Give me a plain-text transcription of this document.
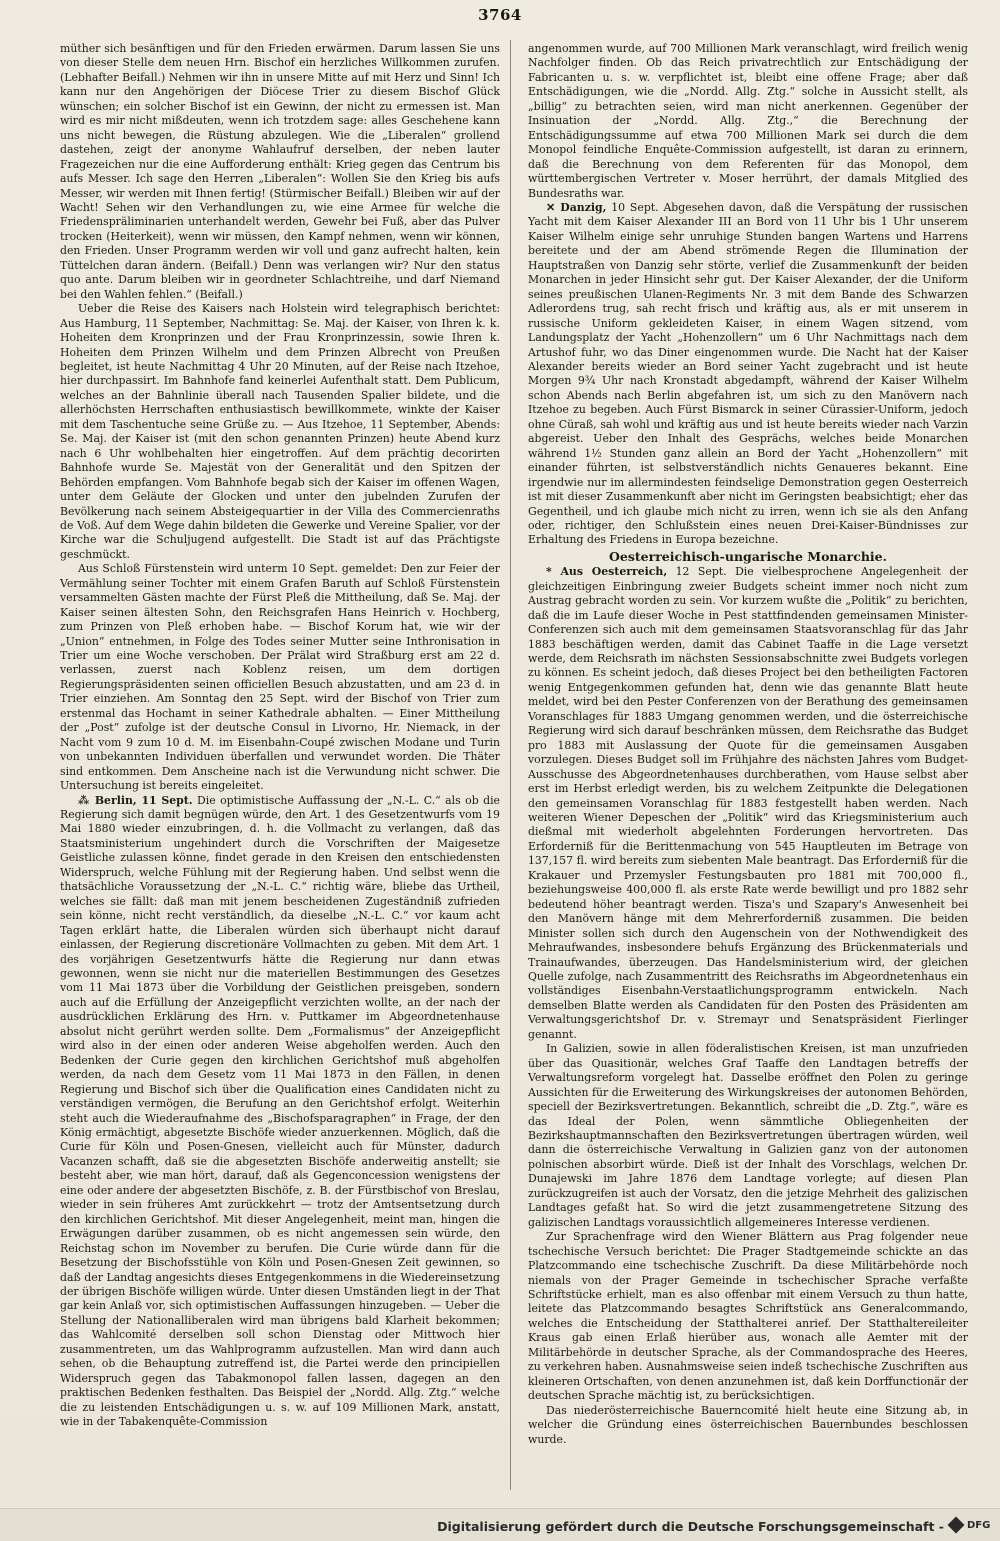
3764

müther sich besänftigen und für den Frieden erwärmen. Darum lassen Sie uns von dieser Stelle dem neuen Hrn. Bischof ein herzliches Willkommen zurufen. (Lebhafter Beifall.) Nehmen wir ihn in unsere Mitte auf mit Herz und Sinn! Ich kann nur den Angehörigen der Diöcese Trier zu diesem Bischof Glück wünschen; ein solcher Bischof ist ein Gewinn, der nicht zu ermessen ist. Man wird es mir nicht mißdeuten, wenn ich trotzdem sage: alles Geschehene kann uns nicht bewegen, die Rüstung abzulegen. Wie die „Liberalen“ grollend dastehen, zeigt der anonyme Wahlaufruf derselben, der neben lauter Fragezeichen nur die eine Aufforderung enthält: Krieg gegen das Centrum bis aufs Messer. Ich sage den Herren „Liberalen“: Wollen Sie den Krieg bis aufs Messer, wir werden mit Ihnen fertig! (Stürmischer Beifall.) Bleiben wir auf der Wacht! Sehen wir den Verhandlungen zu, wie eine Armee für welche die Friedenspräliminarien unterhandelt werden, Gewehr bei Fuß, aber das Pulver trocken (Heiterkeit), wenn wir müssen, den Kampf nehmen, wenn wir können, den Frieden. Unser Programm werden wir voll und ganz aufrecht halten, kein Tüttelchen daran ändern. (Beifall.) Denn was verlangen wir? Nur den status quo ante. Darum bleiben wir in geordneter Schlachtreihe, und darf Niemand bei den Wahlen fehlen.“ (Beifall.)

Ueber die Reise des Kaisers nach Holstein wird telegraphisch berichtet: Aus Hamburg, 11 September, Nachmittag: Se. Maj. der Kaiser, von Ihren k. k. Hoheiten dem Kronprinzen und der Frau Kronprinzessin, sowie Ihren k. Hoheiten dem Prinzen Wilhelm und dem Prinzen Albrecht von Preußen begleitet, ist heute Nachmittag 4 Uhr 20 Minuten, auf der Reise nach Itzehoe, hier durchpassirt. Im Bahnhofe fand keinerlei Aufenthalt statt. Dem Publicum, welches an der Bahnlinie überall nach Tausenden Spalier bildete, und die allerhöchsten Herrschaften enthusiastisch bewillkommete, winkte der Kaiser mit dem Taschentuche seine Grüße zu. — Aus Itzehoe, 11 September, Abends: Se. Maj. der Kaiser ist (mit den schon genannten Prinzen) heute Abend kurz nach 6 Uhr wohlbehalten hier eingetroffen. Auf dem prächtig decorirten Bahnhofe wurde Se. Majestät von der Generalität und den Spitzen der Behörden empfangen. Vom Bahnhofe begab sich der Kaiser im offenen Wagen, unter dem Geläute der Glocken und unter den jubelnden Zurufen der Bevölkerung nach seinem Absteigequartier in der Villa des Commercienraths de Voß. Auf dem Wege dahin bildeten die Gewerke und Vereine Spalier, vor der Kirche war die Schuljugend aufgestellt. Die Stadt ist auf das Prächtigste geschmückt.

Aus Schloß Fürstenstein wird unterm 10 Sept. gemeldet: Den zur Feier der Vermählung seiner Tochter mit einem Grafen Baruth auf Schloß Fürstenstein versammelten Gästen machte der Fürst Pleß die Mittheilung, daß Se. Maj. der Kaiser seinen ältesten Sohn, den Reichsgrafen Hans Heinrich v. Hochberg, zum Prinzen von Pleß erhoben habe. — Bischof Korum hat, wie wir der „Union“ entnehmen, in Folge des Todes seiner Mutter seine Inthronisation in Trier um eine Woche verschoben. Der Prälat wird Straßburg erst am 22 d. verlassen, zuerst nach Koblenz reisen, um dem dortigen Regierungspräsidenten seinen officiellen Besuch abzustatten, und am 23 d. in Trier einziehen. Am Sonntag den 25 Sept. wird der Bischof von Trier zum erstenmal das Hochamt in seiner Kathedrale abhalten. — Einer Mittheilung der „Post“ zufolge ist der deutsche Consul in Livorno, Hr. Niemack, in der Nacht vom 9 zum 10 d. M. im Eisenbahn-Coupé zwischen Modane und Turin von unbekannten Individuen überfallen und verwundet worden. Die Thäter sind entkommen. Dem Anscheine nach ist die Verwundung nicht schwer. Die Untersuchung ist bereits eingeleitet.

⁂ Berlin, 11 Sept. Die optimistische Auffassung der „N.-L. C.“ als ob die Regierung sich damit begnügen würde, den Art. 1 des Gesetzentwurfs vom 19 Mai 1880 wieder einzubringen, d. h. die Vollmacht zu verlangen, daß das Staatsministerium ungehindert durch die Vorschriften der Maigesetze Geistliche zulassen könne, findet gerade in den Kreisen den entschiedensten Widerspruch, welche Fühlung mit der Regierung haben. Und selbst wenn die thatsächliche Voraussetzung der „N.-L. C.“ richtig wäre, bliebe das Urtheil, welches sie fällt: daß man mit jenem bescheidenen Zugeständniß zufrieden sein könne, nicht recht verständlich, da dieselbe „N.-L. C.“ vor kaum acht Tagen erklärt hatte, die Liberalen würden sich überhaupt nicht darauf einlassen, der Regierung discretionäre Vollmachten zu geben. Mit dem Art. 1 des vorjährigen Gesetzentwurfs hätte die Regierung nur dann etwas gewonnen, wenn sie nicht nur die materiellen Bestimmungen des Gesetzes vom 11 Mai 1873 über die Vorbildung der Geistlichen preisgeben, sondern auch auf die Erfüllung der Anzeigepflicht verzichten wollte, an der nach der ausdrücklichen Erklärung des Hrn. v. Puttkamer im Abgeordnetenhause absolut nicht gerührt werden sollte. Dem „Formalismus“ der Anzeigepflicht wird also in der einen oder anderen Weise abgeholfen werden. Auch den Bedenken der Curie gegen den kirchlichen Gerichtshof muß abgeholfen werden, da nach dem Gesetz vom 11 Mai 1873 in den Fällen, in denen Regierung und Bischof sich über die Qualification eines Candidaten nicht zu verständigen vermögen, die Berufung an den Gerichtshof erfolgt. Weiterhin steht auch die Wiederaufnahme des „Bischofsparagraphen“ in Frage, der den König ermächtigt, abgesetzte Bischöfe wieder anzuerkennen. Möglich, daß die Curie für Köln und Posen-Gnesen, vielleicht auch für Münster, dadurch Vacanzen schafft, daß sie die abgesetzten Bischöfe anderweitig anstellt; sie besteht aber, wie man hört, darauf, daß als Gegenconcession wenigstens der eine oder andere der abgesetzten Bischöfe, z. B. der Fürstbischof von Breslau, wieder in sein früheres Amt zurückkehrt — trotz der Amtsentsetzung durch den kirchlichen Gerichtshof. Mit dieser Angelegenheit, meint man, hingen die Erwägungen darüber zusammen, ob es nicht angemessen sein würde, den Reichstag schon im November zu berufen. Die Curie würde dann für die Besetzung der Bischofsstühle von Köln und Posen-Gnesen Zeit gewinnen, so daß der Landtag angesichts dieses Entgegenkommens in die Wiedereinsetzung der übrigen Bischöfe willigen würde. Unter diesen Umständen liegt in der That gar kein Anlaß vor, sich optimistischen Auffassungen hinzugeben. — Ueber die Stellung der Nationalliberalen wird man übrigens bald Klarheit bekommen; das Wahlcomité derselben soll schon Dienstag oder Mittwoch hier zusammentreten, um das Wahlprogramm aufzustellen. Man wird dann auch sehen, ob die Behauptung zutreffend ist, die Partei werde den principiellen Widerspruch gegen das Tabakmonopol fallen lassen, dagegen an den praktischen Bedenken festhalten. Das Beispiel der „Nordd. Allg. Ztg.“ welche die zu leistenden Entschädigungen u. s. w. auf 109 Millionen Mark, anstatt, wie in der Tabakenquête-Commission

angenommen wurde, auf 700 Millionen Mark veranschlagt, wird freilich wenig Nachfolger finden. Ob das Reich privatrechtlich zur Entschädigung der Fabricanten u. s. w. verpflichtet ist, bleibt eine offene Frage; aber daß Entschädigungen, wie die „Nordd. Allg. Ztg.“ solche in Aussicht stellt, als „billig“ zu betrachten seien, wird man nicht anerkennen. Gegenüber der Insinuation der „Nordd. Allg. Ztg.,“ die Berechnung der Entschädigungssumme auf etwa 700 Millionen Mark sei durch die dem Monopol feindliche Enquête-Commission aufgestellt, ist daran zu erinnern, daß die Berechnung von dem Referenten für das Monopol, dem württembergischen Vertreter v. Moser herrührt, der damals Mitglied des Bundesraths war.

✕ Danzig, 10 Sept. Abgesehen davon, daß die Verspätung der russischen Yacht mit dem Kaiser Alexander III an Bord von 11 Uhr bis 1 Uhr unserem Kaiser Wilhelm einige sehr unruhige Stunden bangen Wartens und Harrens bereitete und der am Abend strömende Regen die Illumination der Hauptstraßen von Danzig sehr störte, verlief die Zusammenkunft der beiden Monarchen in jeder Hinsicht sehr gut. Der Kaiser Alexander, der die Uniform seines preußischen Ulanen-Regiments Nr. 3 mit dem Bande des Schwarzen Adlerordens trug, sah recht frisch und kräftig aus, als er mit unserem in russische Uniform gekleideten Kaiser, in einem Wagen sitzend, vom Landungsplatz der Yacht „Hohenzollern“ um 6 Uhr Nachmittags nach dem Artushof fuhr, wo das Diner eingenommen wurde. Die Nacht hat der Kaiser Alexander bereits wieder an Bord seiner Yacht zugebracht und ist heute Morgen 9¾ Uhr nach Kronstadt abgedampft, während der Kaiser Wilhelm schon Abends nach Berlin abgefahren ist, um sich zu den Manövern nach Itzehoe zu begeben. Auch Fürst Bismarck in seiner Cürassier-Uniform, jedoch ohne Cüraß, sah wohl und kräftig aus und ist heute bereits wieder nach Varzin abgereist. Ueber den Inhalt des Gesprächs, welches beide Monarchen während 1½ Stunden ganz allein an Bord der Yacht „Hohenzollern“ mit einander führten, ist selbstverständlich nichts Genaueres bekannt. Eine irgendwie nur im allermindesten feindselige Demonstration gegen Oesterreich ist mit dieser Zusammenkunft aber nicht im Geringsten beabsichtigt; eher das Gegentheil, und ich glaube mich nicht zu irren, wenn ich sie als den Anfang oder, richtiger, den Schlußstein eines neuen Drei-Kaiser-Bündnisses zur Erhaltung des Friedens in Europa bezeichne.

Oesterreichisch-ungarische Monarchie.

* Aus Oesterreich, 12 Sept. Die vielbesprochene Angelegenheit der gleichzeitigen Einbringung zweier Budgets scheint immer noch nicht zum Austrag gebracht worden zu sein. Vor kurzem wußte die „Politik“ zu berichten, daß die im Laufe dieser Woche in Pest stattfindenden gemeinsamen Minister-Conferenzen sich auch mit dem gemeinsamen Staatsvoranschlag für das Jahr 1883 beschäftigen werden, damit das Cabinet Taaffe in die Lage versetzt werde, dem Reichsrath im nächsten Sessionsabschnitte zwei Budgets vorlegen zu können. Es scheint jedoch, daß dieses Project bei den betheiligten Factoren wenig Entgegenkommen gefunden hat, denn wie das genannte Blatt heute meldet, wird bei den Pester Conferenzen von der Berathung des gemeinsamen Voranschlages für 1883 Umgang genommen werden, und die österreichische Regierung wird sich darauf beschränken müssen, dem Reichsrathe das Budget pro 1883 mit Auslassung der Quote für die gemeinsamen Ausgaben vorzulegen. Dieses Budget soll im Frühjahre des nächsten Jahres vom Budget-Ausschusse des Abgeordnetenhauses durchberathen, vom Hause selbst aber erst im Herbst erledigt werden, bis zu welchem Zeitpunkte die Delegationen den gemeinsamen Voranschlag für 1883 festgestellt haben werden. Nach weiteren Wiener Depeschen der „Politik“ wird das Kriegsministerium auch dießmal mit wiederholt abgelehnten Forderungen hervortreten. Das Erforderniß für die Berittenmachung von 545 Hauptleuten im Betrage von 137,157 fl. wird bereits zum siebenten Male beantragt. Das Erforderniß für die Krakauer und Przemysler Festungsbauten pro 1881 mit 700,000 fl., beziehungsweise 400,000 fl. als erste Rate werde bewilligt und pro 1882 sehr bedeutend höher beantragt werden. Tisza's und Szapary's Anwesenheit bei den Manövern hänge mit dem Mehrerforderniß zusammen. Die beiden Minister sollen sich durch den Augenschein von der Nothwendigkeit des Mehraufwandes, insbesondere behufs Ergänzung des Brückenmaterials und Trainaufwandes, überzeugen. Das Handelsministerium wird, der gleichen Quelle zufolge, nach Zusammentritt des Reichsraths im Abgeordnetenhaus ein vollständiges Eisenbahn-Verstaatlichungsprogramm entwickeln. Nach demselben Blatte werden als Candidaten für den Posten des Präsidenten am Verwaltungsgerichtshof Dr. v. Stremayr und Senatspräsident Fierlinger genannt.

In Galizien, sowie in allen föderalistischen Kreisen, ist man unzufrieden über das Quasitionär, welches Graf Taaffe den Landtagen betreffs der Verwaltungsreform vorgelegt hat. Dasselbe eröffnet den Polen zu geringe Aussichten für die Erweiterung des Wirkungskreises der autonomen Behörden, speciell der Bezirksvertretungen. Bekanntlich, schreibt die „D. Ztg.“, wäre es das Ideal der Polen, wenn sämmtliche Obliegenheiten der Bezirkshauptmannschaften den Bezirksvertretungen übertragen würden, weil dann die österreichische Verwaltung in Galizien ganz von der autonomen polnischen absorbirt würde. Dieß ist der Inhalt des Vorschlags, welchen Dr. Dunajewski im Jahre 1876 dem Landtage vorlegte; auf diesen Plan zurückzugreifen ist auch der Vorsatz, den die jetzige Mehrheit des galizischen Landtages gefaßt hat. So wird die jetzt zusammengetretene Sitzung des galizischen Landtags voraussichtlich allgemeineres Interesse verdienen.

Zur Sprachenfrage wird den Wiener Blättern aus Prag folgender neue tschechische Versuch berichtet: Die Prager Stadtgemeinde schickte an das Platzcommando eine tschechische Zuschrift. Da diese Militärbehörde noch niemals von der Prager Gemeinde in tschechischer Sprache verfaßte Schriftstücke erhielt, man es also offenbar mit einem Versuch zu thun hatte, leitete das Platzcommando besagtes Schriftstück ans Generalcommando, welches die Entscheidung der Statthalterei anrief. Der Statthaltereileiter Kraus gab einen Erlaß hierüber aus, wonach alle Aemter mit der Militärbehörde in deutscher Sprache, als der Commandosprache des Heeres, zu verkehren haben. Ausnahmsweise seien indeß tschechische Zuschriften aus kleineren Ortschaften, von denen anzunehmen ist, daß kein Dorffunctionär der deutschen Sprache mächtig ist, zu berücksichtigen.

Das niederösterreichische Bauerncomité hielt heute eine Sitzung ab, in welcher die Gründung eines österreichischen Bauernbundes beschlossen wurde.

Digitalisierung gefördert durch die Deutsche Forschungsgemeinschaft - DFG
